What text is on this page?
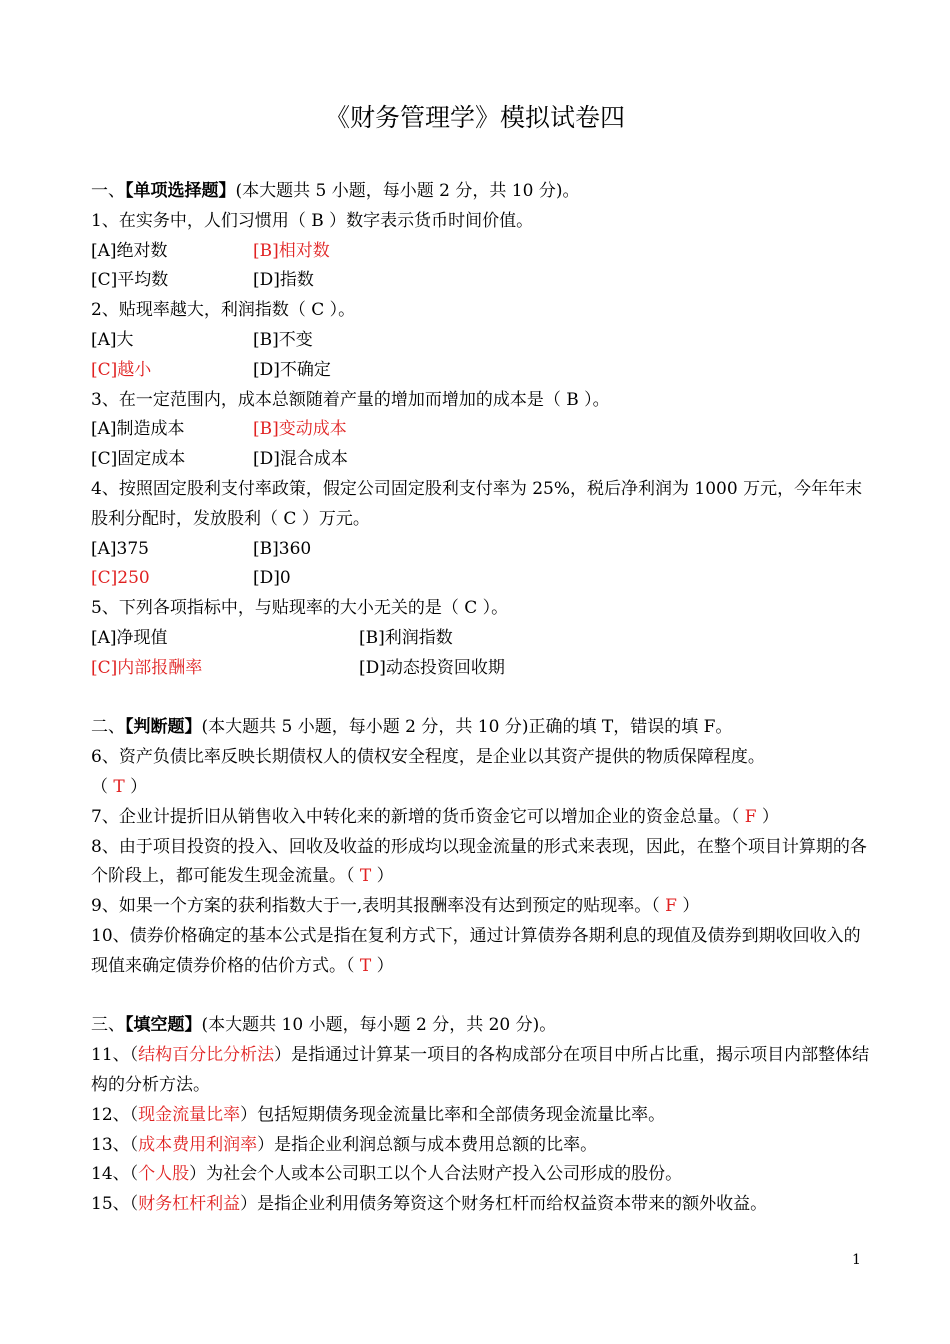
《财务管理学》模拟试卷四
一、【单项选择题】(本大题共 5 小题，每小题 2 分，共 10 分)。
1、在实务中，人们习惯用（ B ）数字表示货币时间价值。
[A]绝对数	[B]相对数
[C]平均数	[D]指数
2、贴现率越大，利润指数（ C ）。
[A]大	[B]不变
[C]越小	[D]不确定
3、在一定范围内，成本总额随着产量的增加而增加的成本是（ B ）。
[A]制造成本	[B]变动成本
[C]固定成本	[D]混合成本
4、按照固定股利支付率政策，假定公司固定股利支付率为 25%，税后净利润为 1000 万元，今年年末股利分配时，发放股利（ C ）万元。
[A]375	[B]360
[C]250	[D]0
5、下列各项指标中，与贴现率的大小无关的是（ C ）。
[A]净现值	[B]利润指数
[C]内部报酬率	[D]动态投资回收期
二、【判断题】(本大题共 5 小题，每小题 2 分，共 10 分)正确的填 T，错误的填 F。
6、资产负债比率反映长期债权人的债权安全程度，是企业以其资产提供的物质保障程度。
（ T ）
7、企业计提折旧从销售收入中转化来的新增的货币资金它可以增加企业的资金总量。（ F ）
8、由于项目投资的投入、回收及收益的形成均以现金流量的形式来表现，因此，在整个项目计算期的各个阶段上，都可能发生现金流量。（ T ）
9、如果一个方案的获利指数大于一,表明其报酬率没有达到预定的贴现率。（ F ）
10、债券价格确定的基本公式是指在复利方式下，通过计算债券各期利息的现值及债券到期收回收入的现值来确定债券价格的估价方式。（ T ）
三、【填空题】(本大题共 10 小题，每小题 2 分，共 20 分)。
11、（结构百分比分析法）是指通过计算某一项目的各构成部分在项目中所占比重，揭示项目内部整体结构的分析方法。
12、（现金流量比率）包括短期债务现金流量比率和全部债务现金流量比率。
13、（成本费用利润率）是指企业利润总额与成本费用总额的比率。
14、（个人股）为社会个人或本公司职工以个人合法财产投入公司形成的股份。
15、（财务杠杆利益）是指企业利用债务筹资这个财务杠杆而给权益资本带来的额外收益。
1
